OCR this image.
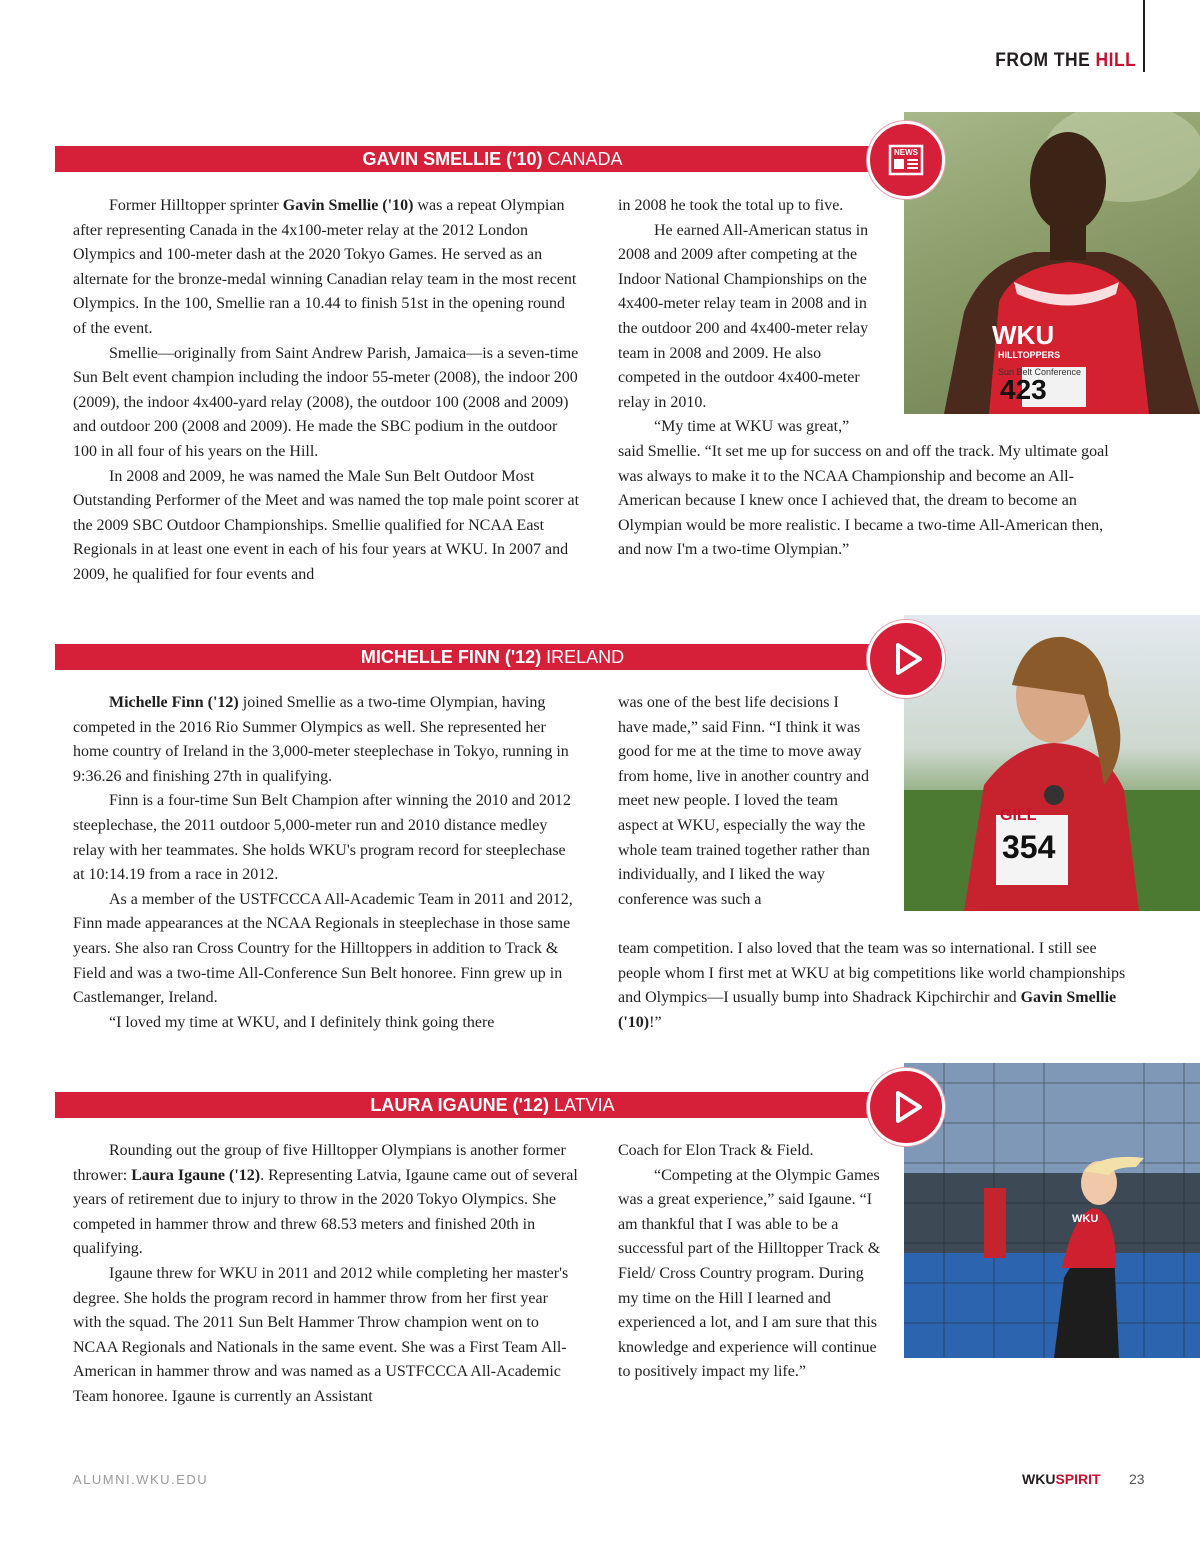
FROM THE HILL
GAVIN SMELLIE ('10) CANADA
WKU
HILLTOPPERS
Sun Belt Conference
423
NEWS

Former Hilltopper sprinter Gavin Smellie ('10) was a repeat Olympian after representing Canada in the 4x100-meter relay at the 2012 London Olympics and 100-meter dash at the 2020 Tokyo Games. He served as an alternate for the bronze-medal winning Canadian relay team in the most recent Olympics. In the 100, Smellie ran a 10.44 to finish 51st in the opening round of the event.

Smellie—originally from Saint Andrew Parish, Jamaica—is a seven-time Sun Belt event champion including the indoor 55-meter (2008), the indoor 200 (2009), the indoor 4x400-yard relay (2008), the outdoor 100 (2008 and 2009) and outdoor 200 (2008 and 2009). He made the SBC podium in the outdoor 100 in all four of his years on the Hill.

In 2008 and 2009, he was named the Male Sun Belt Outdoor Most Outstanding Performer of the Meet and was named the top male point scorer at the 2009 SBC Outdoor Championships. Smellie qualified for NCAA East Regionals in at least one event in each of his four years at WKU. In 2007 and 2009, he qualified for four events and

in 2008 he took the total up to five.

He earned All-American status in 2008 and 2009 after competing at the Indoor National Championships on the 4x400-meter relay team in 2008 and in the outdoor 200 and 4x400-meter relay team in 2008 and 2009. He also competed in the outdoor 4x400-meter relay in 2010.

“My time at WKU was great,”

said Smellie. “It set me up for success on and off the track. My ultimate goal was always to make it to the NCAA Championship and become an All-American because I knew once I achieved that, the dream to become an Olympian would be more realistic. I became a two-time All-American then, and now I'm a two-time Olympian.”

MICHELLE FINN ('12) IRELAND
GILL
354

Michelle Finn ('12) joined Smellie as a two-time Olympian, having competed in the 2016 Rio Summer Olympics as well. She represented her home country of Ireland in the 3,000-meter steeplechase in Tokyo, running in 9:36.26 and finishing 27th in qualifying.

Finn is a four-time Sun Belt Champion after winning the 2010 and 2012 steeplechase, the 2011 outdoor 5,000-meter run and 2010 distance medley relay with her teammates. She holds WKU's program record for steeplechase at 10:14.19 from a race in 2012.

As a member of the USTFCCCA All-Academic Team in 2011 and 2012, Finn made appearances at the NCAA Regionals in steeplechase in those same years. She also ran Cross Country for the Hilltoppers in addition to Track & Field and was a two-time All-Conference Sun Belt honoree. Finn grew up in Castlemanger, Ireland.

“I loved my time at WKU, and I definitely think going there

was one of the best life decisions I have made,” said Finn. “I think it was good for me at the time to move away from home, live in another country and meet new people. I loved the team aspect at WKU, especially the way the whole team trained together rather than individually, and I liked the way conference was such a

team competition. I also loved that the team was so international. I still see people whom I first met at WKU at big competitions like world championships and Olympics—I usually bump into Shadrack Kipchirchir and Gavin Smellie ('10)!”

LAURA IGAUNE ('12) LATVIA
WKU

Rounding out the group of five Hilltopper Olympians is another former thrower: Laura Igaune ('12). Representing Latvia, Igaune came out of several years of retirement due to injury to throw in the 2020 Tokyo Olympics. She competed in hammer throw and threw 68.53 meters and finished 20th in qualifying.

Igaune threw for WKU in 2011 and 2012 while completing her master's degree. She holds the program record in hammer throw from her first year with the squad. The 2011 Sun Belt Hammer Throw champion went on to NCAA Regionals and Nationals in the same event. She was a First Team All-American in hammer throw and was named as a USTFCCCA All-Academic Team honoree. Igaune is currently an Assistant

Coach for Elon Track & Field.

“Competing at the Olympic Games was a great experience,” said Igaune. “I am thankful that I was able to be a successful part of the Hilltopper Track & Field/ Cross Country program. During my time on the Hill I learned and experienced a lot, and I am sure that this knowledge and experience will continue to positively impact my life.”

ALUMNI.WKU.EDU	WKUSPIRIT 23
